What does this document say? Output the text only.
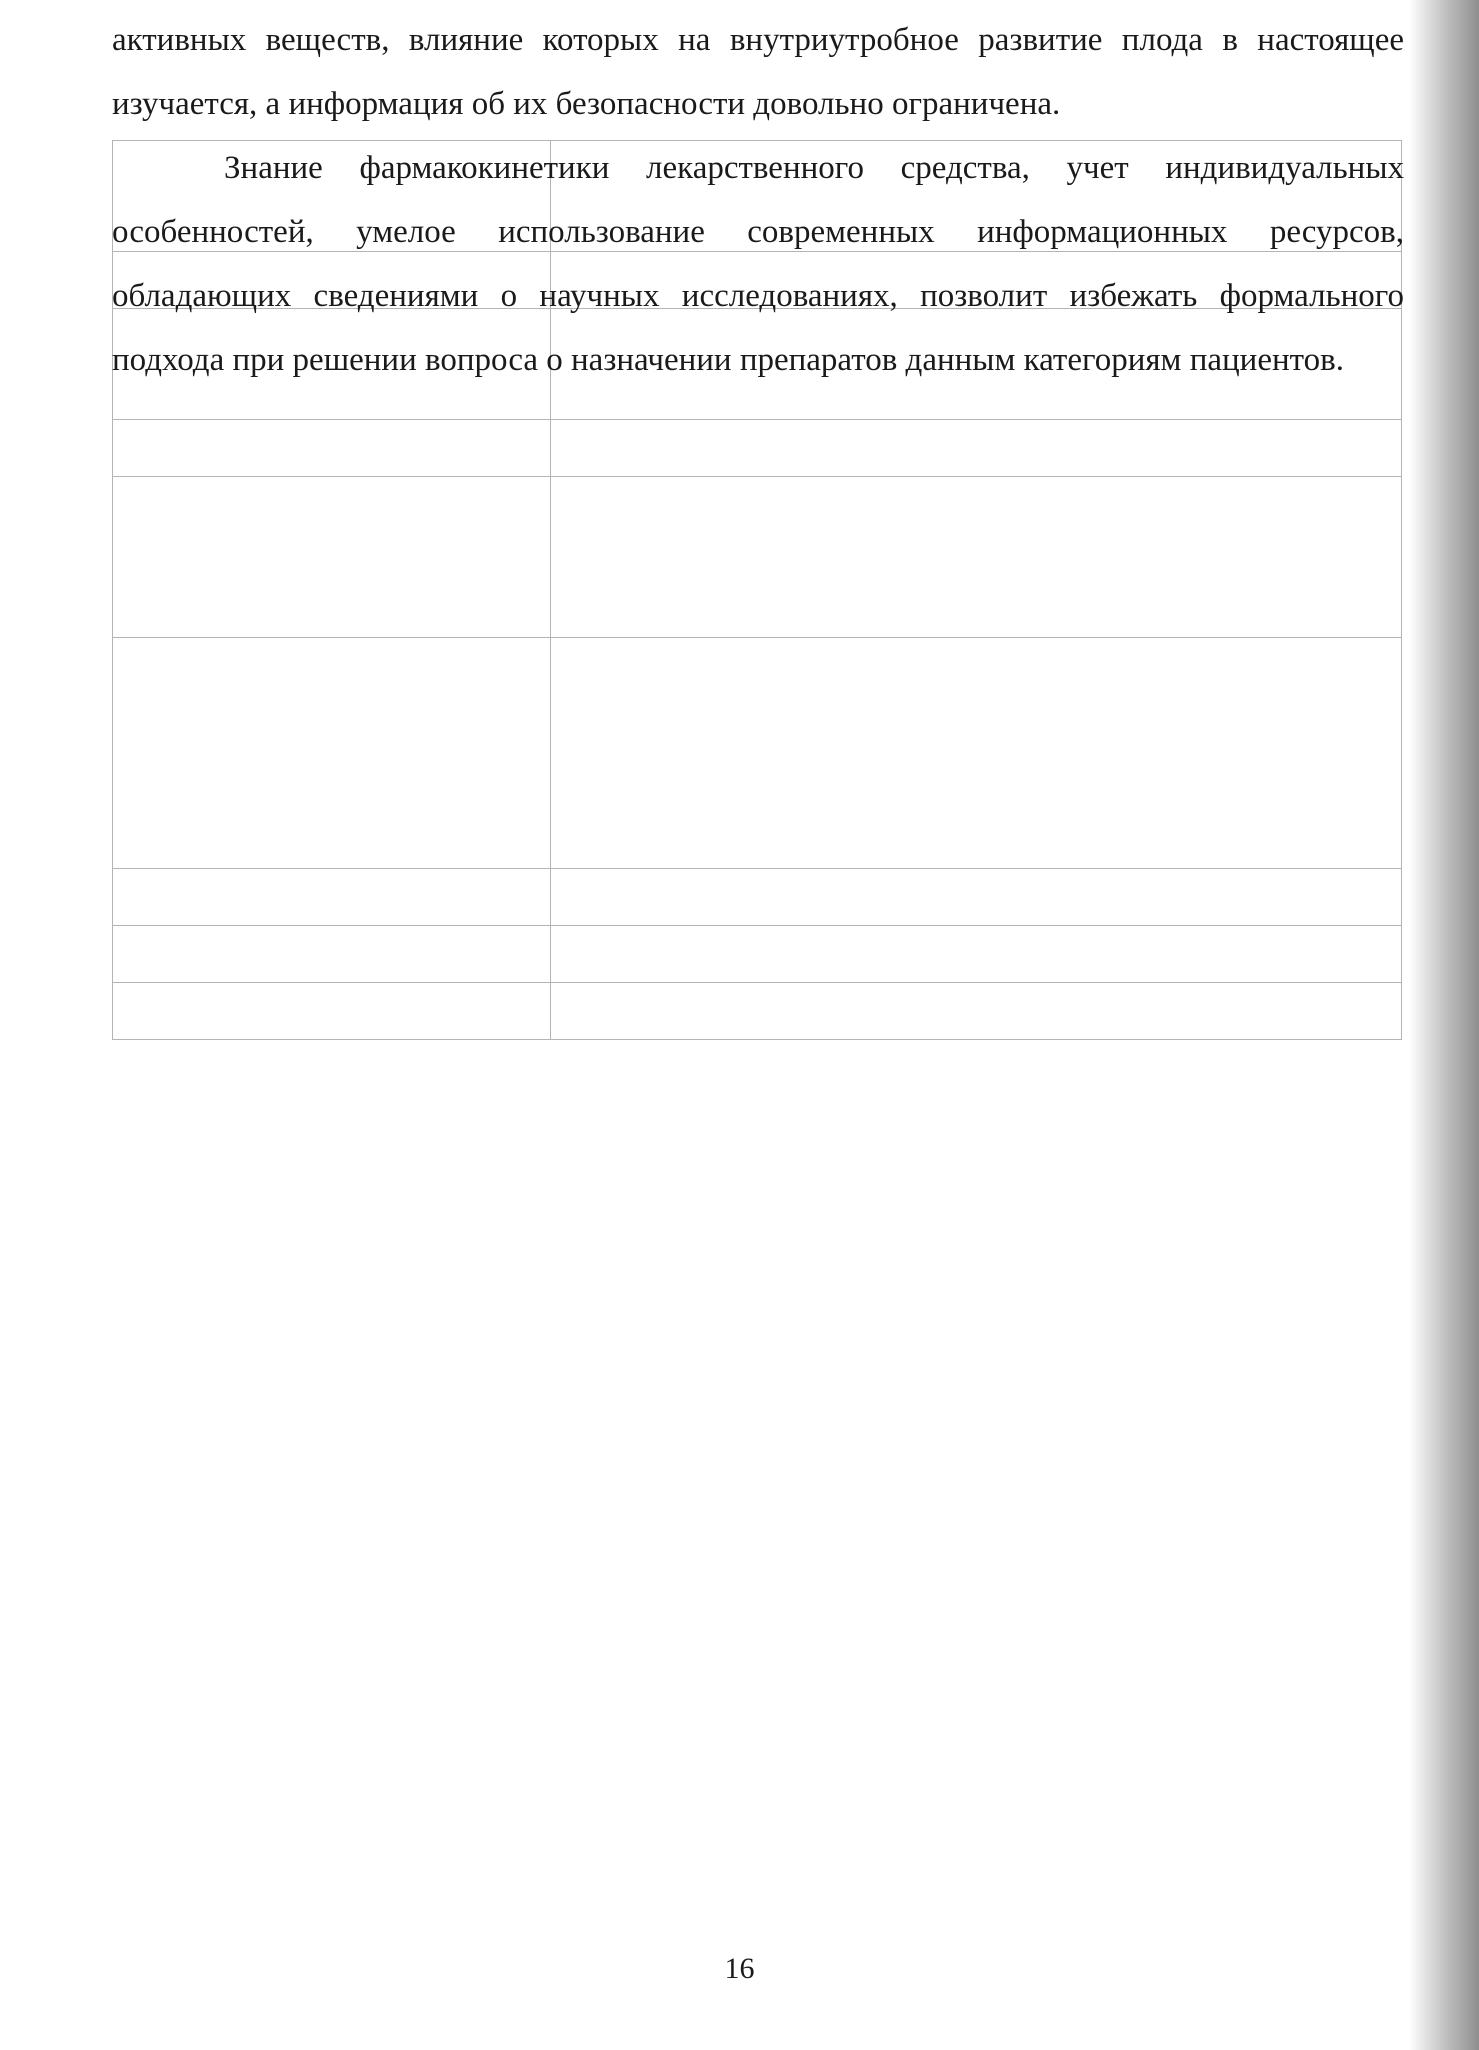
активных веществ, влияние которых на внутриутробное развитие плода в настоящее изучается, а информация об их безопасности довольно ограничена.

Знание фармакокинетики лекарственного средства, учет индивидуальных особенностей, умелое использование современных информационных ресурсов, обладающих сведениями о научных исследованиях, позволит избежать формального подхода при решении вопроса о назначении препаратов данным категориям пациентов.

16
